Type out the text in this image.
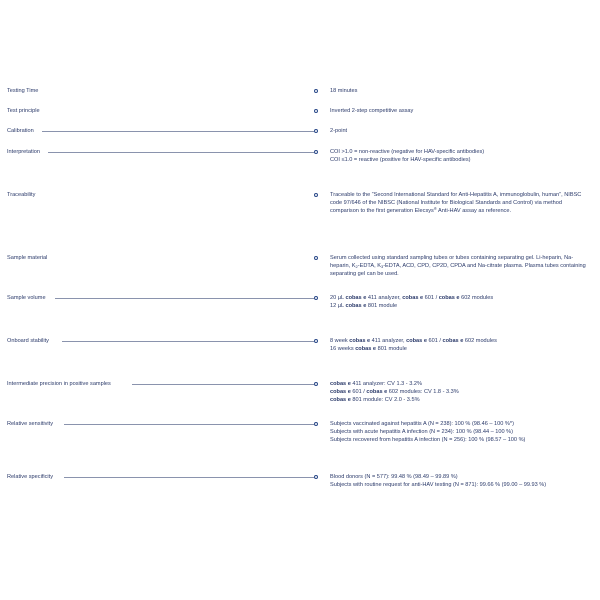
Testing Time	18 minutes
Test principle	Inverted 2-step competitive assay
Calibration	2-point
Interpretation	COI >1.0 = non-reactive (negative for HAV-specific antibodies)
COI ≤1.0 = reactive (positive for HAV-specific antibodies)
Traceability	Traceable to the “Second International Standard for Anti-Hepatitis A, immunoglobulin, human”, NIBSC code 97/646 of the NIBSC (National Institute for Biological Standards and Control) via method comparison to the first generation Elecsys® Anti-HAV assay as reference.
Sample material	Serum collected using standard sampling tubes or tubes containing separating gel. Li-heparin, Na-heparin, $K_2$-EDTA, $K_3$-EDTA, ACD, CPD, CP2D, CPDA and Na-citrate plasma. Plasma tubes containing separating gel can be used.
Sample volume	20 µL cobas e 411 analyzer, cobas e 601 / cobas e 602 modules
12 µL cobas e 801 module
Onboard stability	8 week cobas e 411 analyzer, cobas e 601 / cobas e 602 modules
16 weeks cobas e 801 module
Intermediate precision in positive samples	cobas e 411 analyzer: CV 1.3 - 3.2%
cobas e 601 / cobas e 602 modules: CV 1.8 - 3.3%
cobas e 801 module: CV 2.0 - 3.5%
Relative sensitivity	Subjects vaccinated against hepatitis A (N = 238): 100 % (98.46 – 100 %*)
Subjects with acute hepatitis A infection (N = 234): 100 % (98.44 – 100 %)
Subjects recovered from hepatitis A infection (N = 256): 100 % (98.57 – 100 %)
Relative specificity	Blood donors (N = 577): 99.48 % (98.49 – 99.89 %)
Subjects with routine request for anti-HAV testing (N = 871): 99.66 % (99.00 – 99.93 %)
